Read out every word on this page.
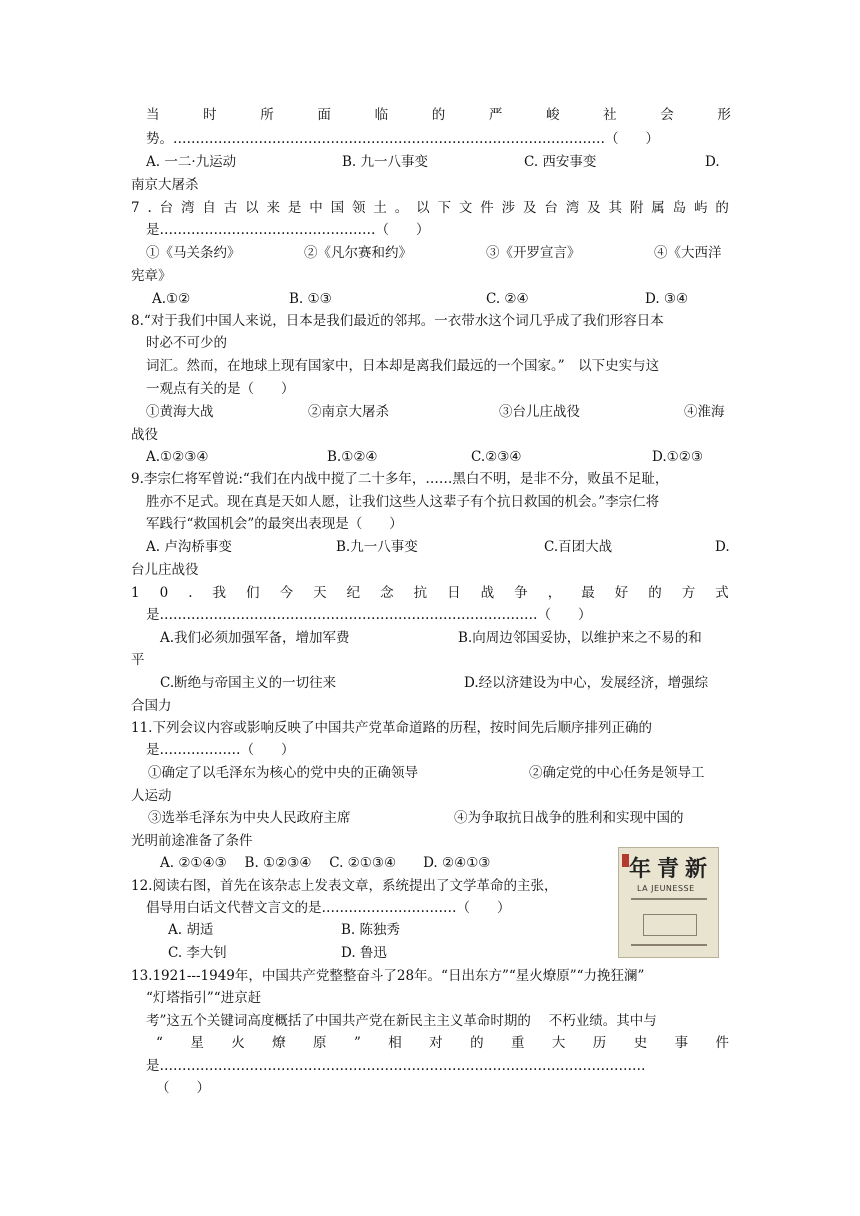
当	时	所	面	临	的	严	峻	社	会	形
势。……………………………………………………………………………………（　　）
A. 一二·九运动	B. 九一八事变	C. 西安事变	D.
南京大屠杀
7 . 台 湾 自 古 以 来 是 中 国 领 土 。 以 下 文 件 涉 及 台 湾 及 其 附 属 岛 屿 的
是…………………………………………（　　）
①《马关条约》	②《凡尔赛和约》	③《开罗宣言》	④《大西洋
宪章》
A.①②	B. ①③	C. ②④	D. ③④
8.“对于我们中国人来说，日本是我们最近的邻邦。一衣带水这个词几乎成了我们形容日本
时必不可少的
词汇。然而，在地球上现有国家中，日本却是离我们最远的一个国家。”　以下史实与这
一观点有关的是（　　）
①黄海大战	②南京大屠杀	③台儿庄战役	④淮海
战役
A.①②③④	B.①②④	C.②③④	D.①②③
9.李宗仁将军曾说:“我们在内战中搅了二十多年，……黑白不明，是非不分，败虽不足耻，
胜亦不足式。现在真是天如人愿，让我们这些人这辈子有个抗日救国的机会。”李宗仁将
军践行“救国机会”的最突出表现是（　　）
A. 卢沟桥事变	B.九一八事变	C.百团大战	D.
台儿庄战役
1 0 . 我 们 今 天 纪 念 抗 日 战 争 ， 最 好 的 方 式
是…………………………………………………………………………（　　）
A.我们必须加强军备，增加军费	B.向周边邻国妥协，以维护来之不易的和
平
C.断绝与帝国主义的一切往来	D.经以济建设为中心，发展经济，增强综
合国力
11.下列会议内容或影响反映了中国共产党革命道路的历程，按时间先后顺序排列正确的
是………………（　　）
①确定了以毛泽东为核心的党中央的正确领导	②确定党的中心任务是领导工
人运动
③选举毛泽东为中央人民政府主席	④为争取抗日战争的胜利和实现中国的
光明前途准备了条件
A. ②①④③　 B. ①②③④　 C. ②①③④　　D. ②④①③
12.阅读右图，首先在该杂志上发表文章，系统提出了文学革命的主张，
倡导用白话文代替文言文的是…………………………（　　）
A. 胡适	B. 陈独秀
C. 李大钊	D. 鲁迅
年青新
LA JEUNESSE
13.1921---1949年，中国共产党整整奋斗了28年。“日出东方”“星火燎原”“力挽狂澜”
“灯塔指引”“进京赶
考”这五个关键词高度概括了中国共产党在新民主主义革命时期的　 不朽业绩。其中与
“ 星 火 燎 原 ” 相 对 的 重 大 历 史 事 件
是………………………………………………………………………………………………
（　　）
